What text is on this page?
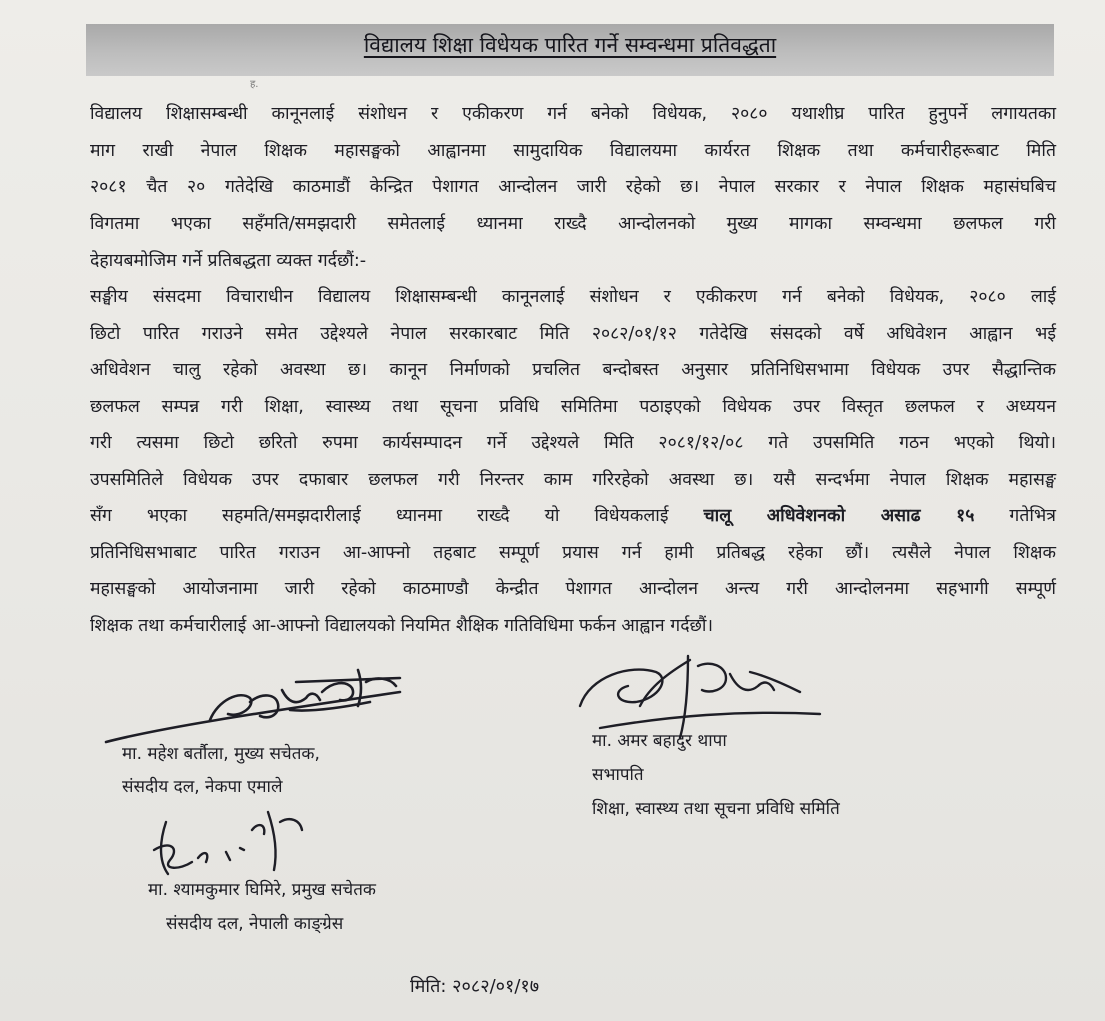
विद्यालय शिक्षा विधेयक पारित गर्ने सम्वन्धमा प्रतिवद्धता
ह.
विद्यालय शिक्षासम्बन्धी कानूनलाई संशोधन र एकीकरण गर्न बनेको विधेयक, २०८० यथाशीघ्र पारित हुनुपर्ने लगायतका
माग राखी नेपाल शिक्षक महासङ्घको आह्वानमा सामुदायिक विद्यालयमा कार्यरत शिक्षक तथा कर्मचारीहरूबाट मिति
२०८१ चैत २० गतेदेखि काठमाडौं केन्द्रित पेशागत आन्दोलन जारी रहेको छ। नेपाल सरकार र नेपाल शिक्षक महासंघबिच
विगतमा भएका सहँमति/समझदारी समेतलाई ध्यानमा राख्दै आन्दोलनको मुख्य मागका सम्वन्धमा छलफल गरी
देहायबमोजिम गर्ने प्रतिबद्धता व्यक्त गर्दछौं:-
सङ्घीय संसदमा विचाराधीन विद्यालय शिक्षासम्बन्धी कानूनलाई संशोधन र एकीकरण गर्न बनेको विधेयक, २०८० लाई
छिटो पारित गराउने समेत उद्देश्यले नेपाल सरकारबाट मिति २०८२/०१/१२ गतेदेखि संसदको वर्षे अधिवेशन आह्वान भई
अधिवेशन चालु रहेको अवस्था छ। कानून निर्माणको प्रचलित बन्दोबस्त अनुसार प्रतिनिधिसभामा विधेयक उपर सैद्धान्तिक
छलफल सम्पन्न गरी शिक्षा, स्वास्थ्य तथा सूचना प्रविधि समितिमा पठाइएको विधेयक उपर विस्तृत छलफल र अध्ययन
गरी त्यसमा छिटो छरितो रुपमा कार्यसम्पादन गर्ने उद्देश्यले मिति २०८१/१२/०८ गते उपसमिति गठन भएको थियो।
उपसमितिले विधेयक उपर दफाबार छलफल गरी निरन्तर काम गरिरहेको अवस्था छ। यसै सन्दर्भमा नेपाल शिक्षक महासङ्घ
सँग भएका सहमति/समझदारीलाई ध्यानमा राख्दै यो विधेयकलाई चालू अधिवेशनको असाढ १५ गतेभित्र
प्रतिनिधिसभाबाट पारित गराउन आ-आफ्नो तहबाट सम्पूर्ण प्रयास गर्न हामी प्रतिबद्ध रहेका छौं। त्यसैले नेपाल शिक्षक
महासङ्घको आयोजनामा जारी रहेको काठमाण्डौ केन्द्रीत पेशागत आन्दोलन अन्त्य गरी आन्दोलनमा सहभागी सम्पूर्ण
शिक्षक तथा कर्मचारीलाई आ-आफ्नो विद्यालयको नियमित शैक्षिक गतिविधिमा फर्कन आह्वान गर्दछौं।
मा. महेश बर्तौला, मुख्य सचेतक,
संसदीय दल, नेकपा एमाले
मा. अमर बहादुर थापा
सभापति
शिक्षा, स्वास्थ्य तथा सूचना प्रविधि समिति
मा. श्यामकुमार घिमिरे, प्रमुख सचेतक
संसदीय दल, नेपाली काङ्ग्रेस
मिति: २०८२/०१/१७
